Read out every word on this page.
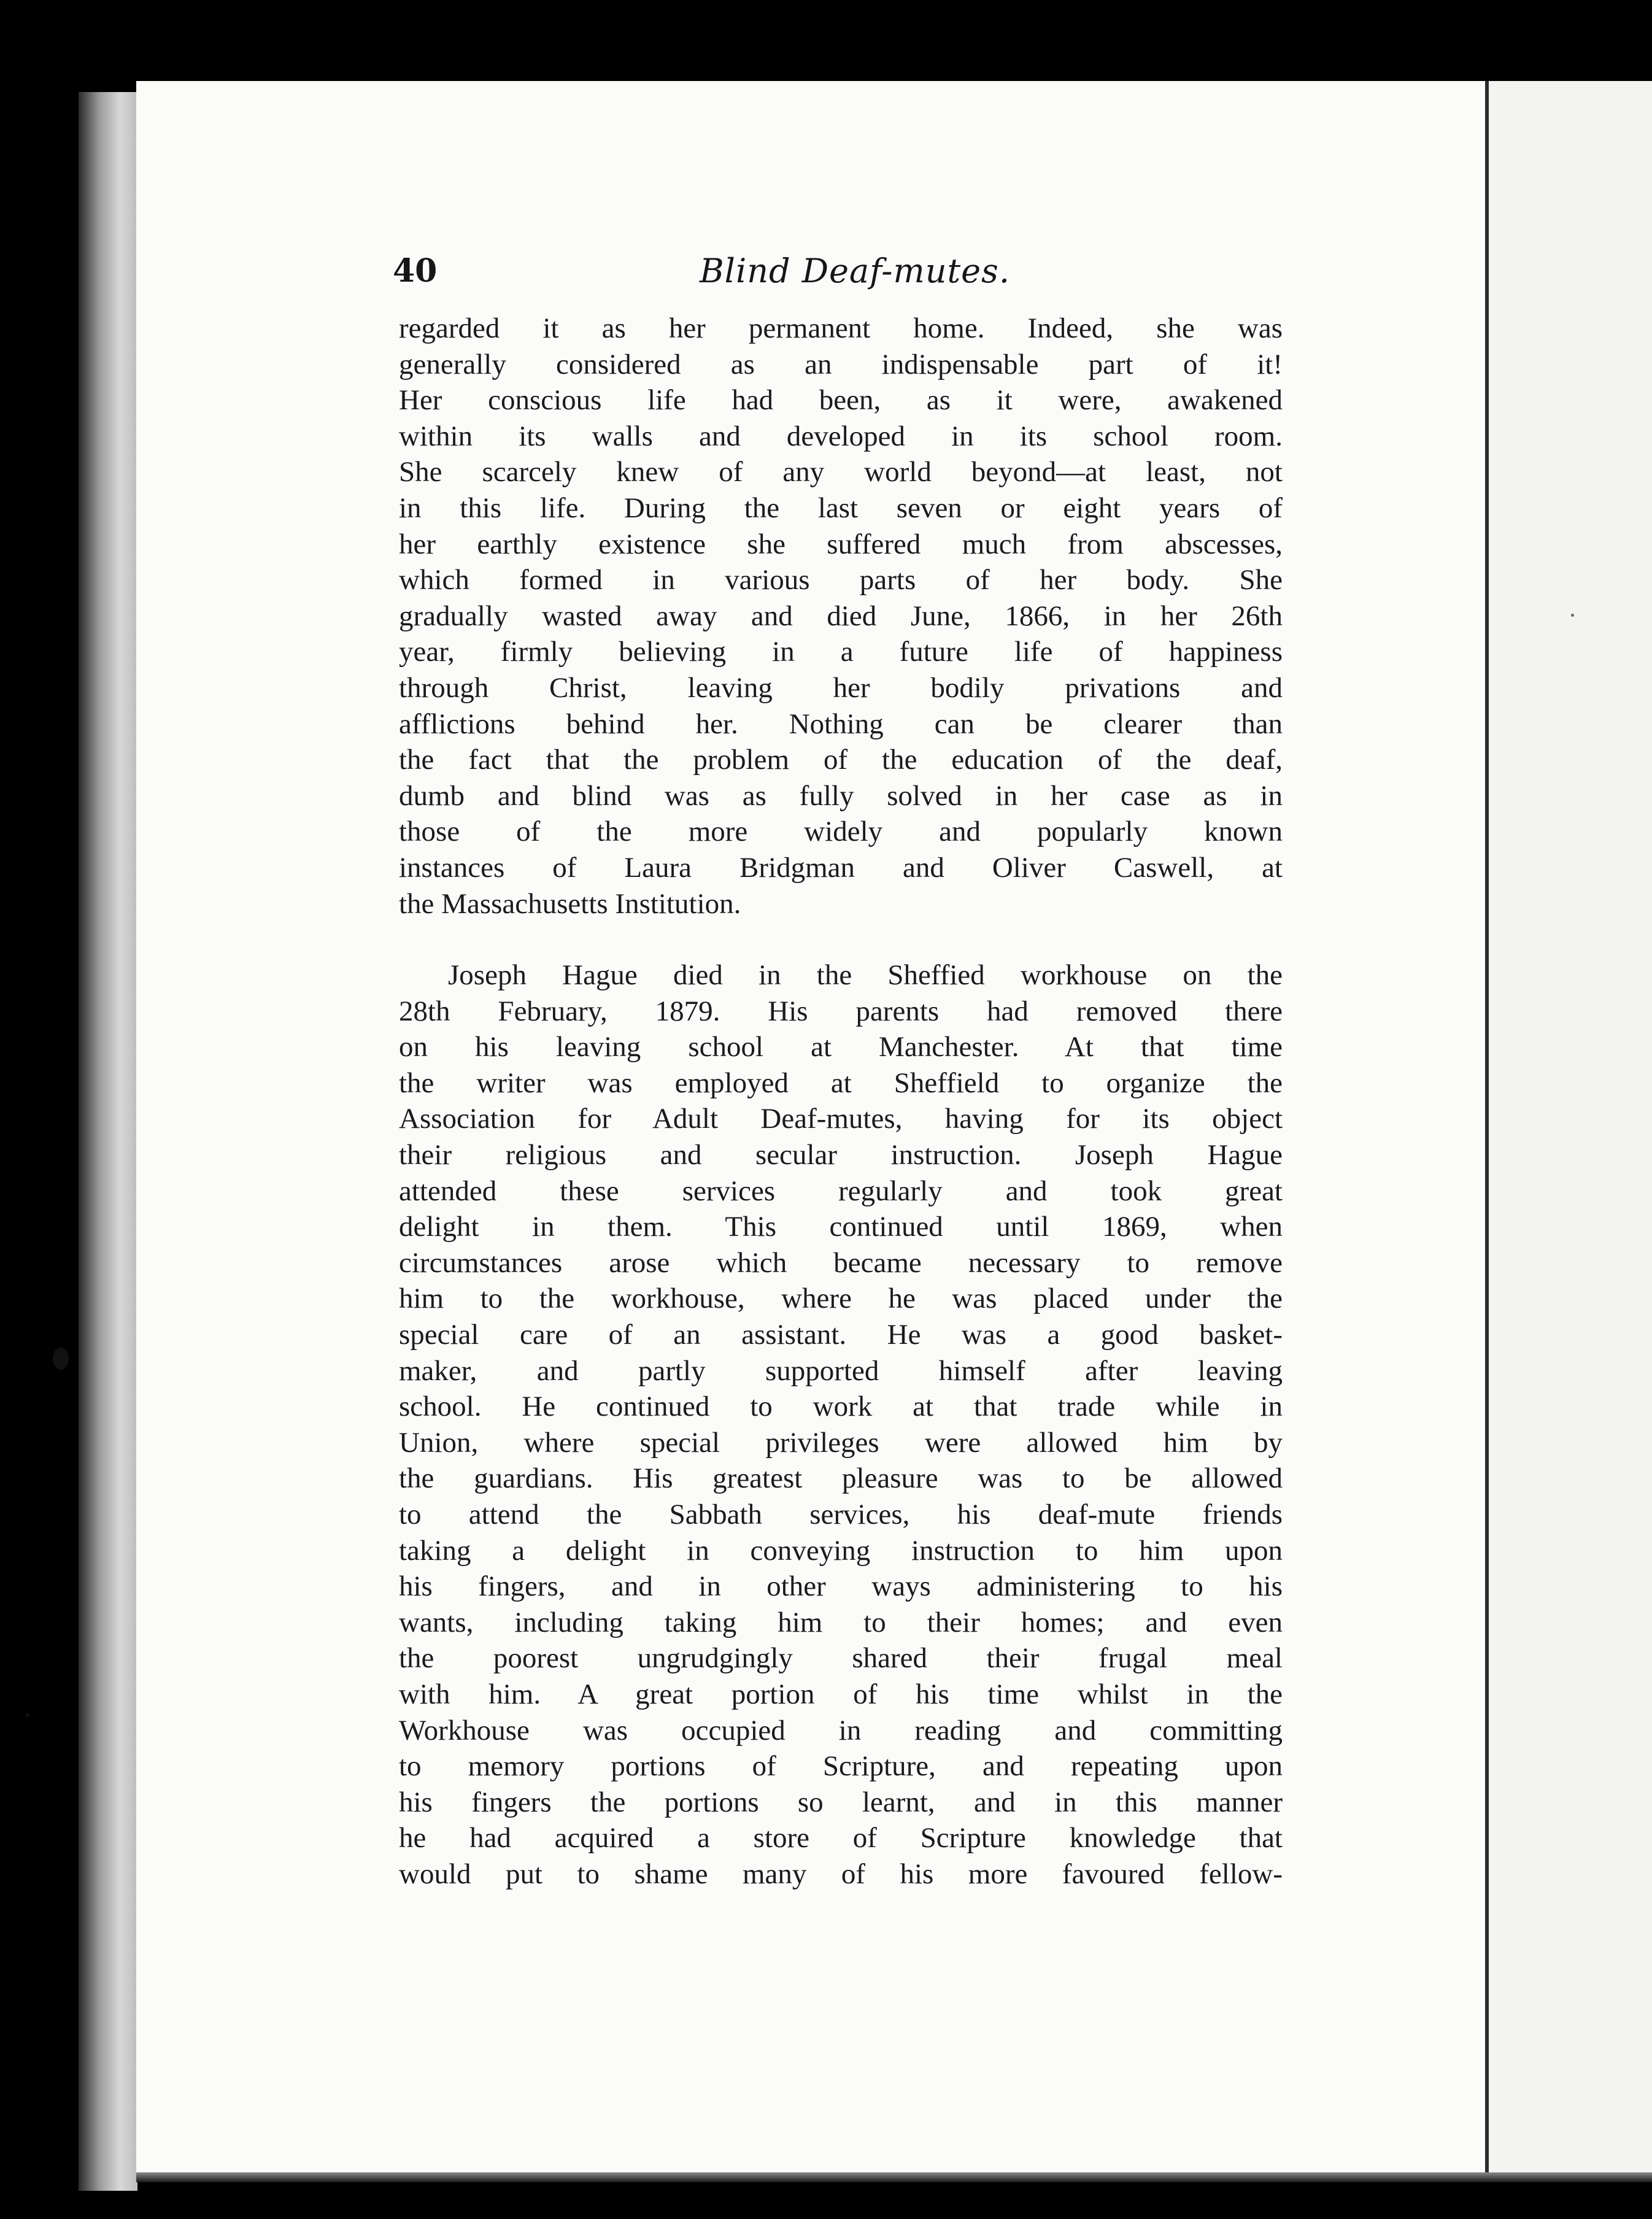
40	Blind Deaf-mutes.
regarded it as her permanent home. Indeed, she was
generally considered as an indispensable part of it!
Her conscious life had been, as it were, awakened
within its walls and developed in its school room.
She scarcely knew of any world beyond—at least, not
in this life. During the last seven or eight years of
her earthly existence she suffered much from abscesses,
which formed in various parts of her body. She
gradually wasted away and died June, 1866, in her 26th
year, firmly believing in a future life of happiness
through Christ, leaving her bodily privations and
afflictions behind her. Nothing can be clearer than
the fact that the problem of the education of the deaf,
dumb and blind was as fully solved in her case as in
those of the more widely and popularly known
instances of Laura Bridgman and Oliver Caswell, at
the Massachusetts Institution.
Joseph Hague died in the Sheffied workhouse on the
28th February, 1879. His parents had removed there
on his leaving school at Manchester. At that time
the writer was employed at Sheffield to organize the
Association for Adult Deaf-mutes, having for its object
their religious and secular instruction. Joseph Hague
attended these services regularly and took great
delight in them. This continued until 1869, when
circumstances arose which became necessary to remove
him to the workhouse, where he was placed under the
special care of an assistant. He was a good basket-
maker, and partly supported himself after leaving
school. He continued to work at that trade while in
Union, where special privileges were allowed him by
the guardians. His greatest pleasure was to be allowed
to attend the Sabbath services, his deaf-mute friends
taking a delight in conveying instruction to him upon
his fingers, and in other ways administering to his
wants, including taking him to their homes; and even
the poorest ungrudgingly shared their frugal meal
with him. A great portion of his time whilst in the
Workhouse was occupied in reading and committing
to memory portions of Scripture, and repeating upon
his fingers the portions so learnt, and in this manner
he had acquired a store of Scripture knowledge that
would put to shame many of his more favoured fellow-
